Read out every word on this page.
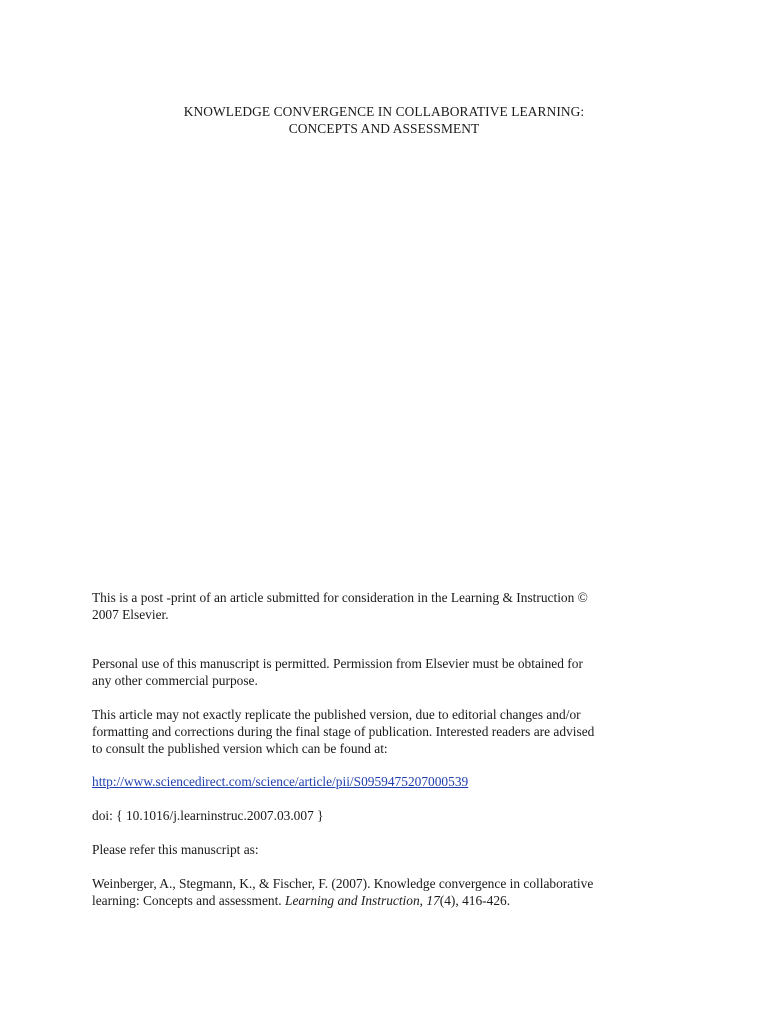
KNOWLEDGE CONVERGENCE IN COLLABORATIVE LEARNING:
CONCEPTS AND ASSESSMENT
This is a post -print of an article submitted for consideration in the Learning & Instruction ©
2007 Elsevier.
Personal use of this manuscript is permitted. Permission from Elsevier must be obtained for
any other commercial purpose.
This article may not exactly replicate the published version, due to editorial changes and/or
formatting and corrections during the final stage of publication. Interested readers are advised
to consult the published version which can be found at:
http://www.sciencedirect.com/science/article/pii/S0959475207000539
doi: { 10.1016/j.learninstruc.2007.03.007 }
Please refer this manuscript as:
Weinberger, A., Stegmann, K., & Fischer, F. (2007). Knowledge convergence in collaborative
learning: Concepts and assessment. Learning and Instruction, 17(4), 416-426.
